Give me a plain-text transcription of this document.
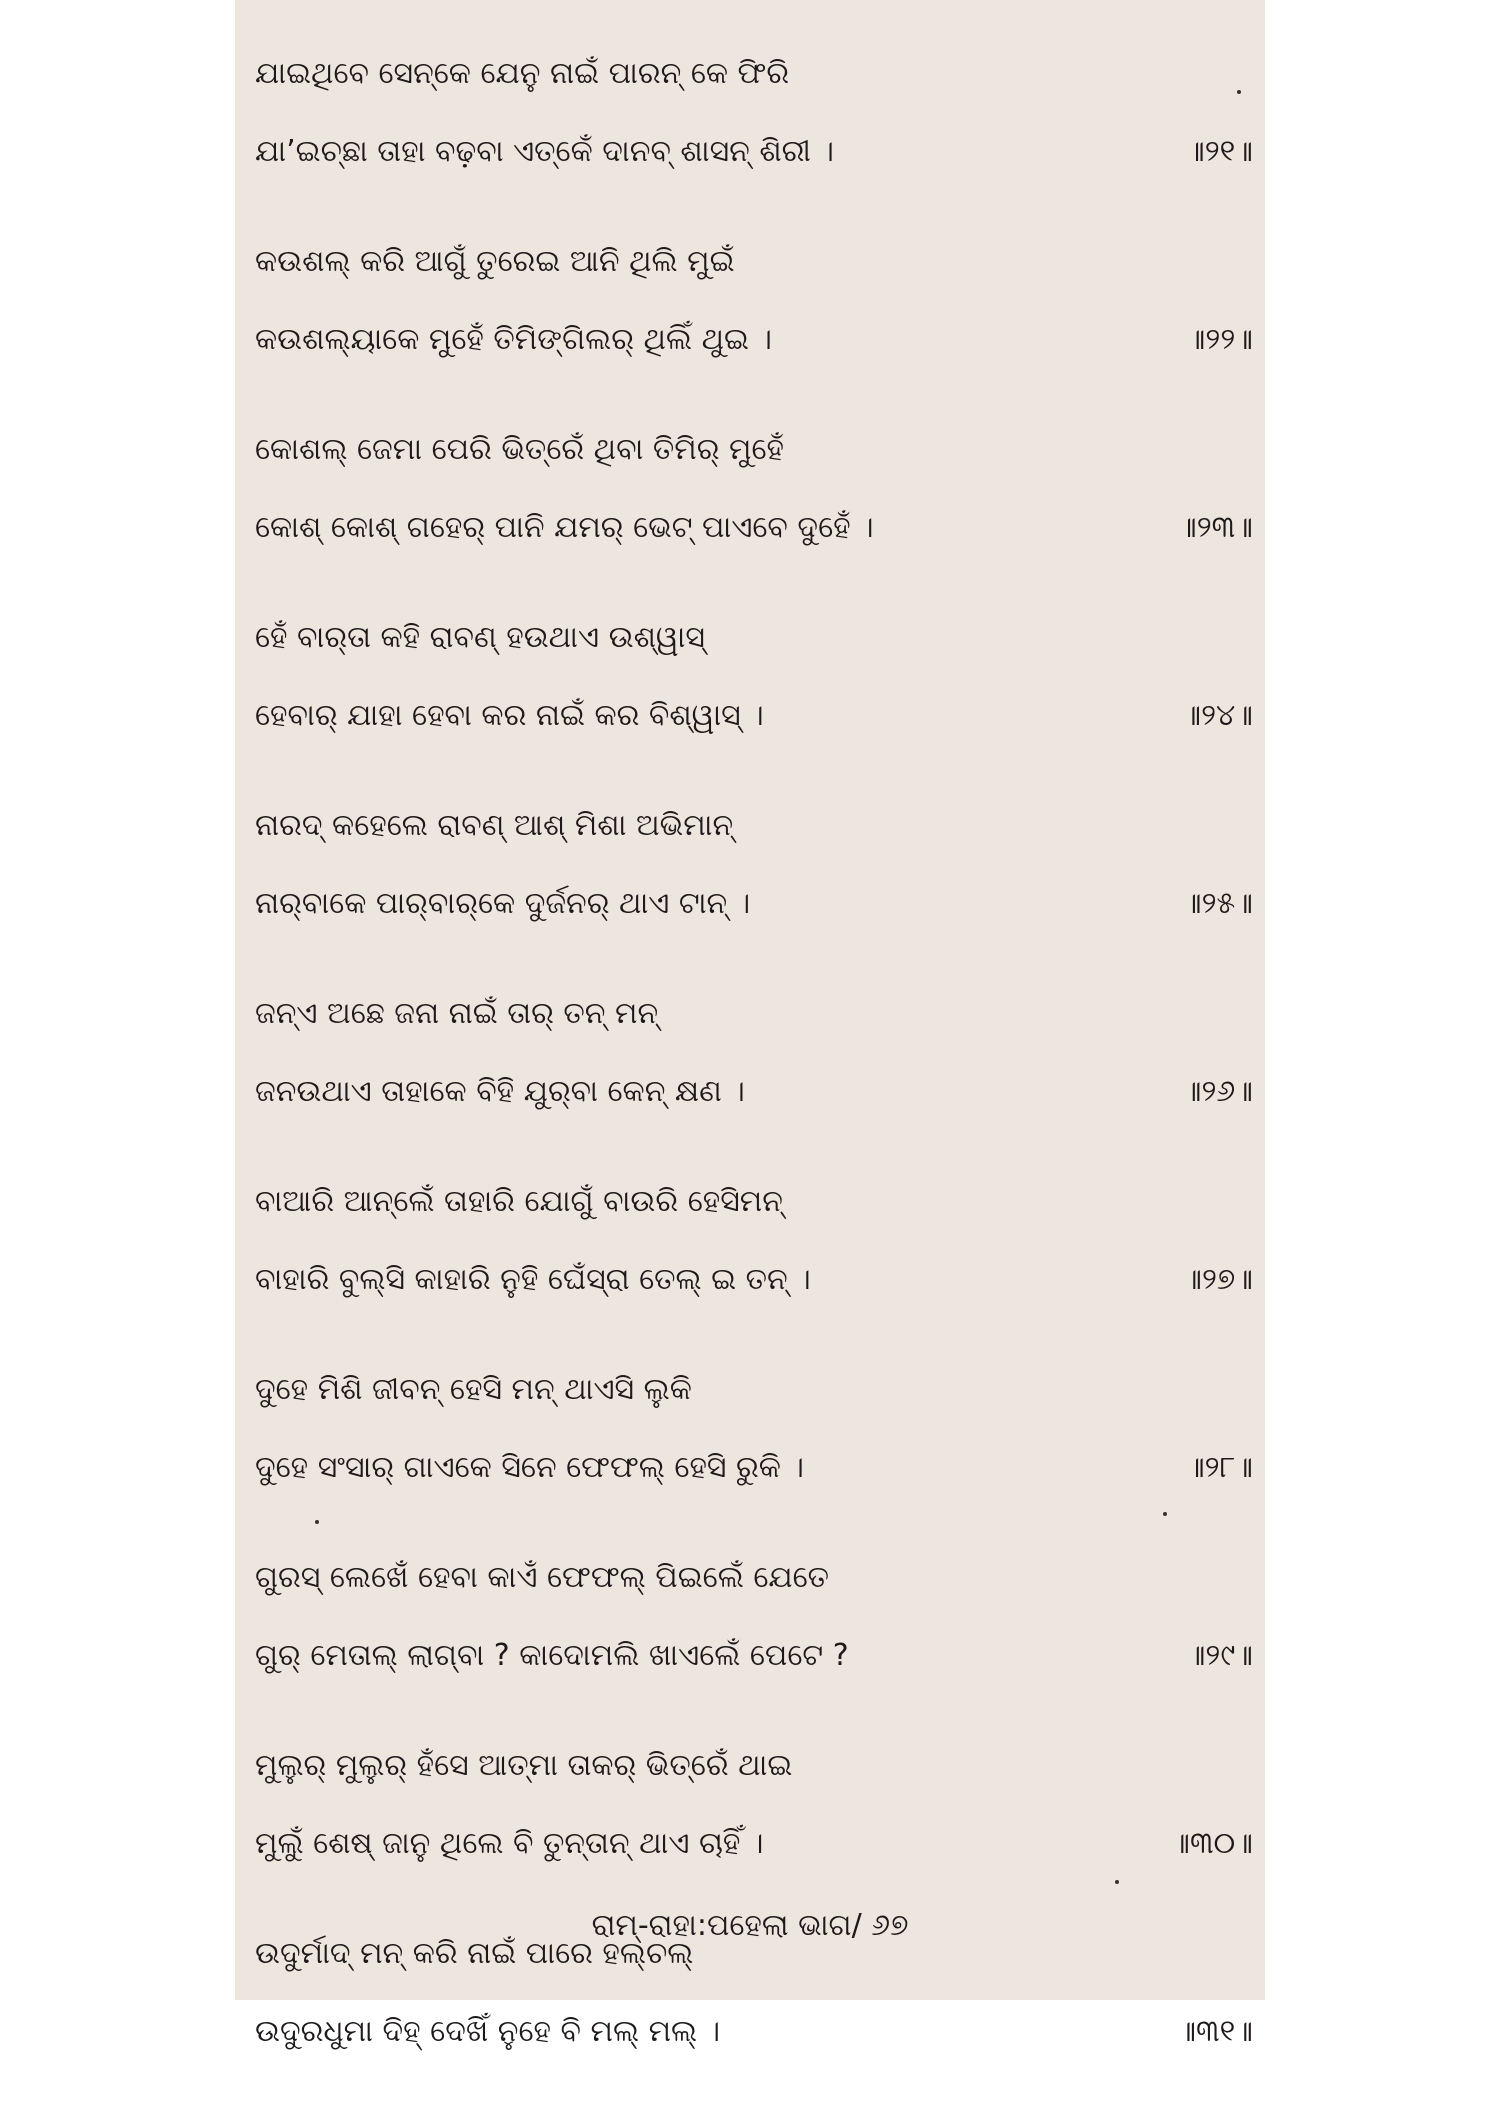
ଯାଇଥିବେ ସେନ୍‌କେ ଯେନୁ ନାଇଁ ପାରନ୍ କେ ଫିରି
ଯା’ଇଚ୍ଛା ତାହା ବଢ଼ବା ଏତ୍‌କେଁ ଦାନବ୍ ଶାସନ୍ ଶିରୀ ।	॥୨୧॥
କଉଶଲ୍ କରି ଆଗୁଁ ତୁରେଇ ଆନି ଥିଲି ମୁଇଁ
କଉଶଲ୍ୟାକେ ମୁହେଁ ତିମିଙ୍ଗିଲର୍ ଥିଲିଁ ଥୁଇ ।	॥୨୨॥
କୋଶଲ୍ ଜେମା ପେରି ଭିତ୍‌ରେଁ ଥିବା ତିମିର୍ ମୁହେଁ
କୋଶ୍ କୋଶ୍ ଗହେର୍ ପାନି ଯମର୍ ଭେଟ୍ ପାଏବେ ଦୁହେଁ ।	॥୨୩॥
ହେଁ ବାର୍‌ତା କହି ରାବଣ୍ ହଉଥାଏ ଉଶ୍ୱାସ୍
ହେବାର୍ ଯାହା ହେବା କର ନାଇଁ କର ବିଶ୍ୱାସ୍ ।	॥୨୪॥
ନାରଦ୍ କହେଲେ ରାବଣ୍ ଆଶ୍ ମିଶା ଅଭିମାନ୍
ନାର୍‌ବାକେ ପାର୍‌ବାର୍‌କେ ଦୁର୍ଜନର୍ ଥାଏ ଟାନ୍ ।	॥୨୫॥
ଜନ୍‌ଏ ଅଛେ ଜନା ନାଇଁ ତାର୍ ତନ୍ ମନ୍
ଜନଉଥାଏ ତାହାକେ ବିହି ଯୁର୍‌ବା କେନ୍ କ୍ଷଣ ।	॥୨୬॥
ବାଆରି ଆନ୍‌ଲେଁ ତାହାରି ଯୋଗୁଁ ବାଉରି ହେସିମନ୍
ବାହାରି ବୁଲ୍‌ସି କାହାରି ନୁହି ଘେଁସ୍‌ରା ତେଲ୍ ଇ ତନ୍ ।	॥୨୭॥
ଦୁହେ ମିଶି ଜୀବନ୍ ହେସି ମନ୍ ଥାଏସି ଲୁକି
ଦୁହେ ସଂସାର୍ ଗାଏକେ ସିନେ ଫେଫଲ୍ ହେସି ରୁକି ।	॥୨୮॥
ଗୁରସ୍ ଲେଖେଁ ହେବା କାଏଁ ଫେଫଲ୍ ପିଇଲେଁ ଯେତେ
ଗୁର୍ ମେତାଲ୍ ଲାଗ୍‌ବା ? କାଦୋମଲି ଖାଏଲେଁ ପେଟେ ?	॥୨୯॥
ମୁଲୁର୍ ମୁଲୁର୍ ହଁସେ ଆତ୍‌ମା ତାକର୍ ଭିତ୍‌ରେଁ ଥାଇ
ମୁଲୁଁ ଶେଷ୍ ଜାନୁ ଥିଲେ ବି ତୁନ୍‌ତାନ୍ ଥାଏ ଚାହିଁ ।	॥୩୦॥
ଉଦୁର୍ମାଦ୍ ମନ୍ କରି ନାଇଁ ପାରେ ହଲ୍‌ଚଲ୍
ଉଦୁରଧୁମା ଦିହ୍ ଦେଖିଁ ନୁହେ ବି ମଲ୍ ମଲ୍ ।	॥୩୧॥
ରାମ୍-ରାହା:ପହେଲା ଭାଗ/ ୬୭
